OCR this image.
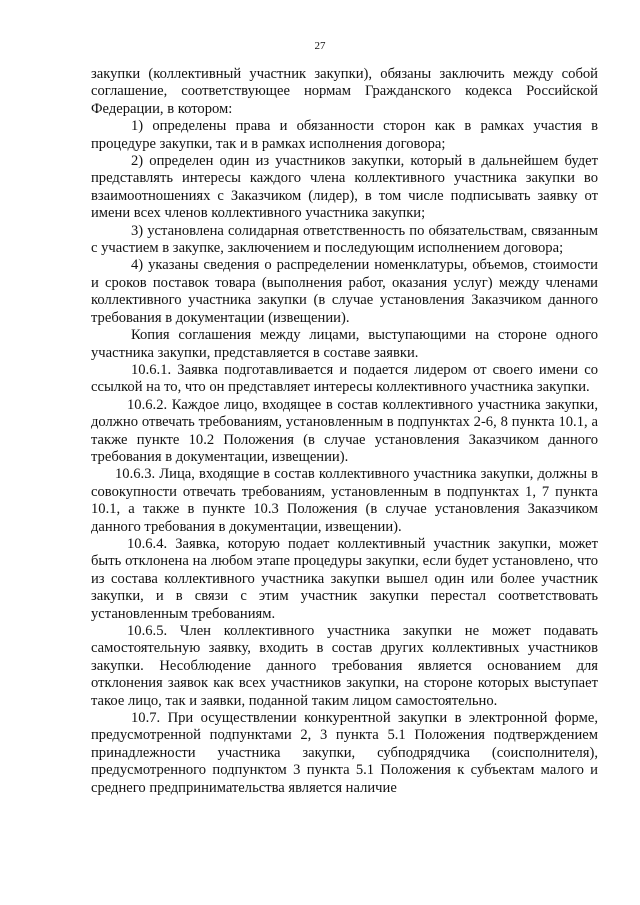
27

закупки (коллективный участник закупки), обязаны заключить между собой соглашение, соответствующее нормам Гражданского кодекса Российской Федерации, в котором:

1) определены права и обязанности сторон как в рамках участия в процедуре закупки, так и в рамках исполнения договора;

2) определен один из участников закупки, который в дальнейшем будет представлять интересы каждого члена коллективного участника закупки во взаимоотношениях с Заказчиком (лидер), в том числе подписывать заявку от имени всех членов коллективного участника закупки;

3) установлена солидарная ответственность по обязательствам, связанным с участием в закупке, заключением и последующим исполнением договора;

4) указаны сведения о распределении номенклатуры, объемов, стоимости и сроков поставок товара (выполнения работ, оказания услуг) между членами коллективного участника закупки (в случае установления Заказчиком данного требования в документации (извещении).

Копия соглашения между лицами, выступающими на стороне одного участника закупки, представляется в составе заявки.

10.6.1. Заявка подготавливается и подается лидером от своего имени со ссылкой на то, что он представляет интересы коллективного участника закупки.

10.6.2. Каждое лицо, входящее в состав коллективного участника закупки, должно отвечать требованиям, установленным в подпунктах 2-6, 8 пункта 10.1, а также пункте 10.2 Положения (в случае установления Заказчиком данного требования в документации, извещении).

10.6.3. Лица, входящие в состав коллективного участника закупки, должны в совокупности отвечать требованиям, установленным в подпунктах 1, 7 пункта 10.1, а также в пункте 10.3 Положения (в случае установления Заказчиком данного требования в документации, извещении).

10.6.4. Заявка, которую подает коллективный участник закупки, может быть отклонена на любом этапе процедуры закупки, если будет установлено, что из состава коллективного участника закупки вышел один или более участник закупки, и в связи с этим участник закупки перестал соответствовать установленным требованиям.

10.6.5. Член коллективного участника закупки не может подавать самостоятельную заявку, входить в состав других коллективных участников закупки. Несоблюдение данного требования является основанием для отклонения заявок как всех участников закупки, на стороне которых выступает такое лицо, так и заявки, поданной таким лицом самостоятельно.

10.7. При осуществлении конкурентной закупки в электронной форме, предусмотренной подпунктами 2, 3 пункта 5.1 Положения подтверждением принадлежности участника закупки, субподрядчика (соисполнителя), предусмотренного подпунктом 3 пункта 5.1 Положения к субъектам малого и среднего предпринимательства является наличие
